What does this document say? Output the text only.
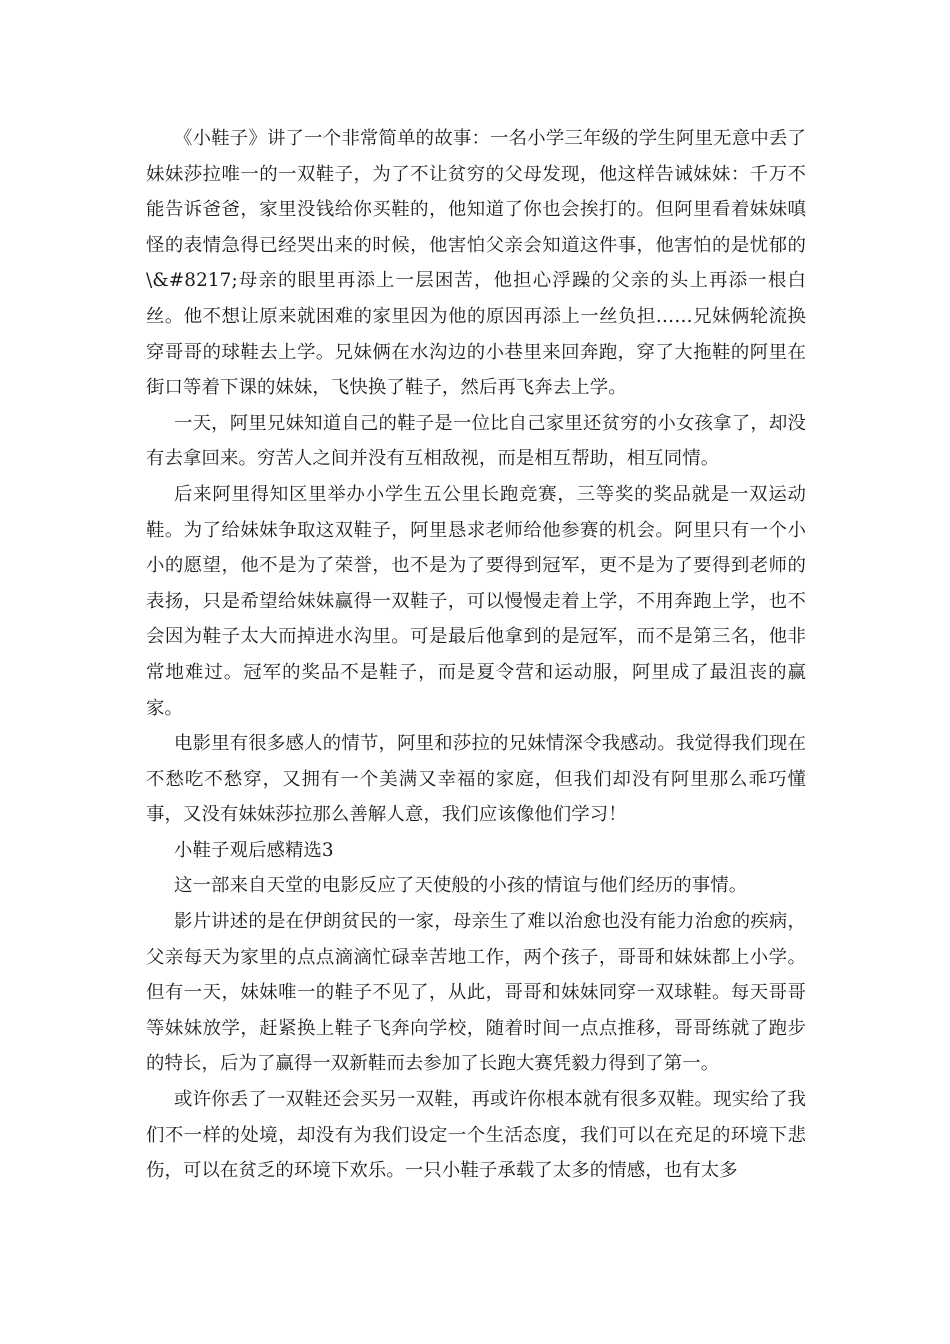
《小鞋子》讲了一个非常简单的故事：一名小学三年级的学生阿里无意中丢了妹妹莎拉唯一的一双鞋子，为了不让贫穷的父母发现，他这样告诫妹妹：千万不能告诉爸爸，家里没钱给你买鞋的，他知道了你也会挨打的。但阿里看着妹妹嗔怪的表情急得已经哭出来的时候，他害怕父亲会知道这件事，他害怕的是忧郁的\&#8217;母亲的眼里再添上一层困苦，他担心浮躁的父亲的头上再添一根白丝。他不想让原来就困难的家里因为他的原因再添上一丝负担……兄妹俩轮流换穿哥哥的球鞋去上学。兄妹俩在水沟边的小巷里来回奔跑，穿了大拖鞋的阿里在街口等着下课的妹妹，飞快换了鞋子，然后再飞奔去上学。

一天，阿里兄妹知道自己的鞋子是一位比自己家里还贫穷的小女孩拿了，却没有去拿回来。穷苦人之间并没有互相敌视，而是相互帮助，相互同情。

后来阿里得知区里举办小学生五公里长跑竞赛，三等奖的奖品就是一双运动鞋。为了给妹妹争取这双鞋子，阿里恳求老师给他参赛的机会。阿里只有一个小小的愿望，他不是为了荣誉，也不是为了要得到冠军，更不是为了要得到老师的表扬，只是希望给妹妹赢得一双鞋子，可以慢慢走着上学，不用奔跑上学，也不会因为鞋子太大而掉进水沟里。可是最后他拿到的是冠军，而不是第三名，他非常地难过。冠军的奖品不是鞋子，而是夏令营和运动服，阿里成了最沮丧的赢家。

电影里有很多感人的情节，阿里和莎拉的兄妹情深令我感动。我觉得我们现在不愁吃不愁穿，又拥有一个美满又幸福的家庭，但我们却没有阿里那么乖巧懂事，又没有妹妹莎拉那么善解人意，我们应该像他们学习！

小鞋子观后感精选3

这一部来自天堂的电影反应了天使般的小孩的情谊与他们经历的事情。

影片讲述的是在伊朗贫民的一家，母亲生了难以治愈也没有能力治愈的疾病，父亲每天为家里的点点滴滴忙碌幸苦地工作，两个孩子，哥哥和妹妹都上小学。但有一天，妹妹唯一的鞋子不见了，从此，哥哥和妹妹同穿一双球鞋。每天哥哥等妹妹放学，赶紧换上鞋子飞奔向学校，随着时间一点点推移，哥哥练就了跑步的特长，后为了赢得一双新鞋而去参加了长跑大赛凭毅力得到了第一。

或许你丢了一双鞋还会买另一双鞋，再或许你根本就有很多双鞋。现实给了我们不一样的处境，却没有为我们设定一个生活态度，我们可以在充足的环境下悲伤，可以在贫乏的环境下欢乐。一只小鞋子承载了太多的情感，也有太多
